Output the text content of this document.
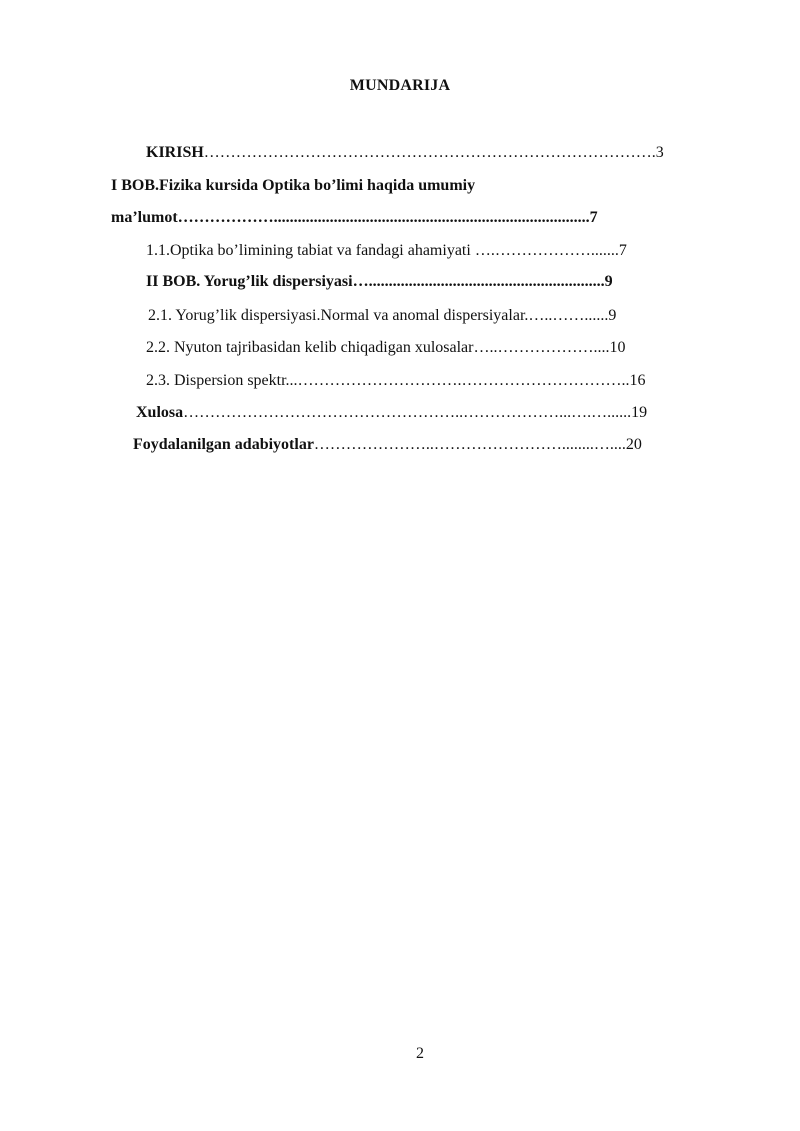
MUNDARIJA
KIRISH………………………………………………………………………….3
I BOB.Fizika kursida Optika bo’limi haqida umumiy
ma’lumot………………...............................................................................7
1.1.Optika bo’limining tabiat va fandagi ahamiyati ….……………….......7
II BOB. Yorug’lik dispersiyasi…...........................................................9
2.1. Yorug’lik dispersiyasi.Normal va anomal dispersiyalar.…..……......9
2.2. Nyuton tajribasidan kelib chiqadigan xulosalar…..………………....10
2.3. Dispersion spektr...………………………….…………………………..16
Xulosa……………………………………………..………………...….…......19
Foydalanilgan adabiyotlar…………………..……………………........…....20
2
